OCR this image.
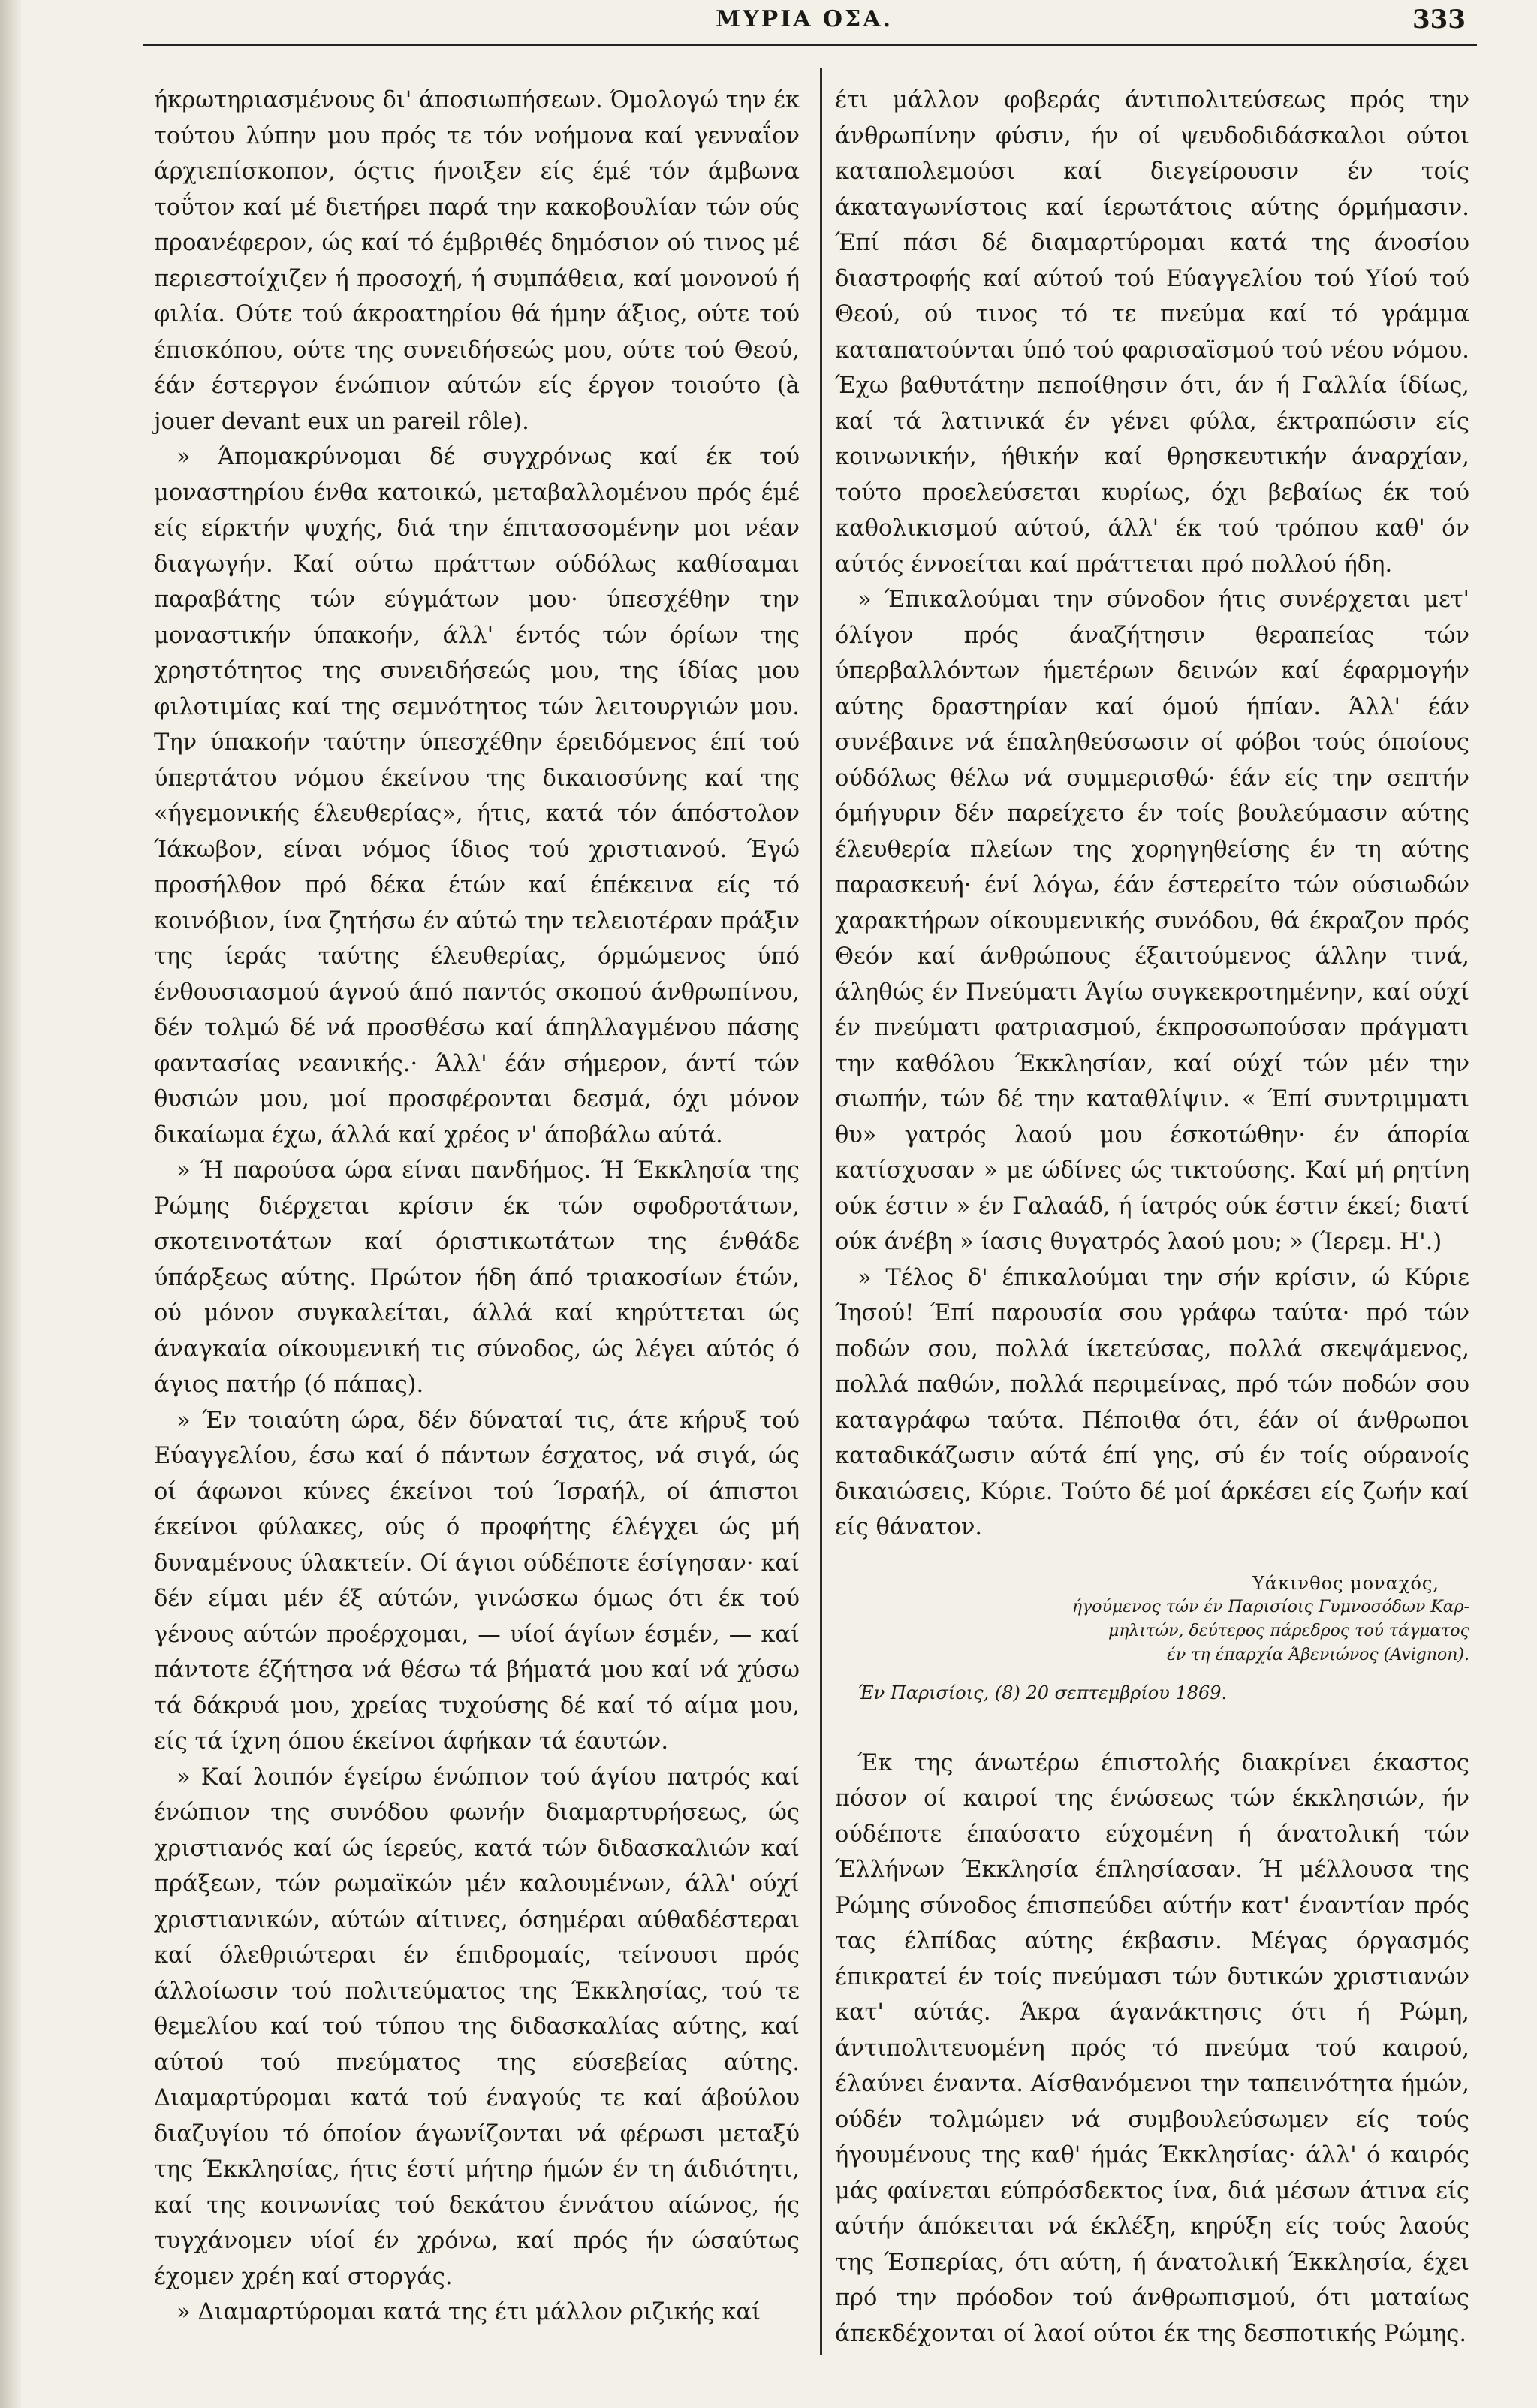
ΜΥΡΙΑ ΟΣΑ.	333

ήκρωτηριασμένους δι' άποσιωπήσεων. Όμολογώ την έκ τούτου λύπην μου πρός τε τόν νοήμονα καί γενναΐον άρχιεπίσκοπον, όςτις ήνοιξεν είς έμέ τόν άμβωνα τοΰτον καί μέ διετήρει παρά την κακοβουλίαν τών ούς προανέφερον, ώς καί τό έμβριθές δημόσιον ού τινος μέ περιεστοίχιζεν ή προσοχή, ή συμπάθεια, καί μονονού ή φιλία. Ούτε τού άκροατηρίου θά ήμην άξιος, ούτε τού έπισκόπου, ούτε της συνειδήσεώς μου, ούτε τού Θεού, έάν έστεργον ένώπιον αύτών είς έργον τοιούτο (à jouer devant eux un pareil rôle).

» Άπομακρύνομαι δέ συγχρόνως καί έκ τού μοναστηρίου ένθα κατοικώ, μεταβαλλομένου πρός έμέ είς είρκτήν ψυχής, διά την έπιτασσομένην μοι νέαν διαγωγήν. Καί ούτω πράττων ούδόλως καθίσαμαι παραβάτης τών εύγμάτων μου· ύπεσχέθην την μοναστικήν ύπακοήν, άλλ' έντός τών όρίων της χρηστότητος της συνειδήσεώς μου, της ίδίας μου φιλοτιμίας καί της σεμνότητος τών λειτουργιών μου. Την ύπακοήν ταύτην ύπεσχέθην έρειδόμενος έπί τού ύπερτάτου νόμου έκείνου της δικαιοσύνης καί της «ήγεμονικής έλευθερίας», ήτις, κατά τόν άπόστολον Ίάκωβον, είναι νόμος ίδιος τού χριστιανού. Έγώ προσήλθον πρό δέκα έτών καί έπέκεινα είς τό κοινόβιον, ίνα ζητήσω έν αύτώ την τελειοτέραν πράξιν της ίεράς ταύτης έλευθερίας, όρμώμενος ύπό ένθουσιασμού άγνού άπό παντός σκοπού άνθρωπίνου, δέν τολμώ δέ νά προσθέσω καί άπηλλαγμένου πάσης φαντασίας νεανικής.· Άλλ' έάν σήμερον, άντί τών θυσιών μου, μοί προσφέρονται δεσμά, όχι μόνον δικαίωμα έχω, άλλά καί χρέος ν' άποβάλω αύτά.

» Ή παρούσα ώρα είναι πανδήμος. Ή Έκκλησία της Ρώμης διέρχεται κρίσιν έκ τών σφοδροτάτων, σκοτεινοτάτων καί όριστικωτάτων της ένθάδε ύπάρξεως αύτης. Πρώτον ήδη άπό τριακοσίων έτών, ού μόνον συγκαλείται, άλλά καί κηρύττεται ώς άναγκαία οίκουμενική τις σύνοδος, ώς λέγει αύτός ό άγιος πατήρ (ό πάπας).

» Έν τοιαύτη ώρα, δέν δύναταί τις, άτε κήρυξ τού Εύαγγελίου, έσω καί ό πάντων έσχατος, νά σιγά, ώς οί άφωνοι κύνες έκείνοι τού Ίσραήλ, οί άπιστοι έκείνοι φύλακες, ούς ό προφήτης έλέγχει ώς μή δυναμένους ύλακτείν. Οί άγιοι ούδέποτε έσίγησαν· καί δέν είμαι μέν έξ αύτών, γινώσκω όμως ότι έκ τού γένους αύτών προέρχομαι, — υίοί άγίων έσμέν, — καί πάντοτε έζήτησα νά θέσω τά βήματά μου καί νά χύσω τά δάκρυά μου, χρείας τυχούσης δέ καί τό αίμα μου, είς τά ίχνη όπου έκείνοι άφήκαν τά έαυτών.

» Καί λοιπόν έγείρω ένώπιον τού άγίου πατρός καί ένώπιον της συνόδου φωνήν διαμαρτυρήσεως, ώς χριστιανός καί ώς ίερεύς, κατά τών διδασκαλιών καί πράξεων, τών ρωμαϊκών μέν καλουμένων, άλλ' ούχί χριστιανικών, αύτών αίτινες, όσημέραι αύθαδέστεραι καί όλεθριώτεραι έν έπιδρομαίς, τείνουσι πρός άλλοίωσιν τού πολιτεύματος της Έκκλησίας, τού τε θεμελίου καί τού τύπου της διδασκαλίας αύτης, καί αύτού τού πνεύματος της εύσεβείας αύτης. Διαμαρτύρομαι κατά τού έναγούς τε καί άβούλου διαζυγίου τό όποίον άγωνίζονται νά φέρωσι μεταξύ της Έκκλησίας, ήτις έστί μήτηρ ήμών έν τη άιδιότητι, καί της κοινωνίας τού δεκάτου έννάτου αίώνος, ής τυγχάνομεν υίοί έν χρόνω, καί πρός ήν ώσαύτως έχομεν χρέη καί στοργάς.

» Διαμαρτύρομαι κατά της έτι μάλλον ριζικής καί

έτι μάλλον φοβεράς άντιπολιτεύσεως πρός την άνθρωπίνην φύσιν, ήν οί ψευδοδιδάσκαλοι ούτοι καταπολεμούσι καί διεγείρουσιν έν τοίς άκαταγωνίστοις καί ίερωτάτοις αύτης όρμήμασιν. Έπί πάσι δέ διαμαρτύρομαι κατά της άνοσίου διαστροφής καί αύτού τού Εύαγγελίου τού Υίού τού Θεού, ού τινος τό τε πνεύμα καί τό γράμμα καταπατούνται ύπό τού φαρισαϊσμού τού νέου νόμου. Έχω βαθυτάτην πεποίθησιν ότι, άν ή Γαλλία ίδίως, καί τά λατινικά έν γένει φύλα, έκτραπώσιν είς κοινωνικήν, ήθικήν καί θρησκευτικήν άναρχίαν, τούτο προελεύσεται κυρίως, όχι βεβαίως έκ τού καθολικισμού αύτού, άλλ' έκ τού τρόπου καθ' όν αύτός έννοείται καί πράττεται πρό πολλού ήδη.

» Έπικαλούμαι την σύνοδον ήτις συνέρχεται μετ' όλίγον πρός άναζήτησιν θεραπείας τών ύπερβαλλόντων ήμετέρων δεινών καί έφαρμογήν αύτης δραστηρίαν καί όμού ήπίαν. Άλλ' έάν συνέβαινε νά έπαληθεύσωσιν οί φόβοι τούς όποίους ούδόλως θέλω νά συμμερισθώ· έάν είς την σεπτήν όμήγυριν δέν παρείχετο έν τοίς βουλεύμασιν αύτης έλευθερία πλείων της χορηγηθείσης έν τη αύτης παρασκευή· ένί λόγω, έάν έστερείτο τών ούσιωδών χαρακτήρων οίκουμενικής συνόδου, θά έκραζον πρός Θεόν καί άνθρώπους έξαιτούμενος άλλην τινά, άληθώς έν Πνεύματι Άγίω συγκεκροτημένην, καί ούχί έν πνεύματι φατριασμού, έκπροσωπούσαν πράγματι την καθόλου Έκκλησίαν, καί ούχί τών μέν την σιωπήν, τών δέ την καταθλίψιν. « Έπί συντριμματι θυ» γατρός λαού μου έσκοτώθην· έν άπορία κατίσχυσαν » με ώδίνες ώς τικτούσης. Καί μή ρητίνη ούκ έστιν » έν Γαλαάδ, ή ίατρός ούκ έστιν έκεί; διατί ούκ άνέβη » ίασις θυγατρός λαού μου; » (Ίερεμ. Η'.)

» Τέλος δ' έπικαλούμαι την σήν κρίσιν, ώ Κύριε Ίησού! Έπί παρουσία σου γράφω ταύτα· πρό τών ποδών σου, πολλά ίκετεύσας, πολλά σκεψάμενος, πολλά παθών, πολλά περιμείνας, πρό τών ποδών σου καταγράφω ταύτα. Πέποιθα ότι, έάν οί άνθρωποι καταδικάζωσιν αύτά έπί γης, σύ έν τοίς ούρανοίς δικαιώσεις, Κύριε. Τούτο δέ μοί άρκέσει είς ζωήν καί είς θάνατον.

Υάκινθος μοναχός,
ήγούμενος τών έν Παρισίοις Γυμνοσόδων Καρ-
μηλιτών, δεύτερος πάρεδρος τού τάγματος
έν τη έπαρχία Άβενιώνος (Avignon).
Έν Παρισίοις, (8) 20 σεπτεμβρίου 1869.

Έκ της άνωτέρω έπιστολής διακρίνει έκαστος πόσον οί καιροί της ένώσεως τών έκκλησιών, ήν ούδέποτε έπαύσατο εύχομένη ή άνατολική τών Έλλήνων Έκκλησία έπλησίασαν. Ή μέλλουσα της Ρώμης σύνοδος έπισπεύδει αύτήν κατ' έναντίαν πρός τας έλπίδας αύτης έκβασιν. Μέγας όργασμός έπικρατεί έν τοίς πνεύμασι τών δυτικών χριστιανών κατ' αύτάς. Άκρα άγανάκτησις ότι ή Ρώμη, άντιπολιτευομένη πρός τό πνεύμα τού καιρού, έλαύνει έναντα. Αίσθανόμενοι την ταπεινότητα ήμών, ούδέν τολμώμεν νά συμβουλεύσωμεν είς τούς ήγουμένους της καθ' ήμάς Έκκλησίας· άλλ' ό καιρός μάς φαίνεται εύπρόσδεκτος ίνα, διά μέσων άτινα είς αύτήν άπόκειται νά έκλέξη, κηρύξη είς τούς λαούς της Έσπερίας, ότι αύτη, ή άνατολική Έκκλησία, έχει πρό την πρόοδον τού άνθρωπισμού, ότι ματαίως άπεκδέχονται οί λαοί ούτοι έκ της δεσποτικής Ρώμης.
